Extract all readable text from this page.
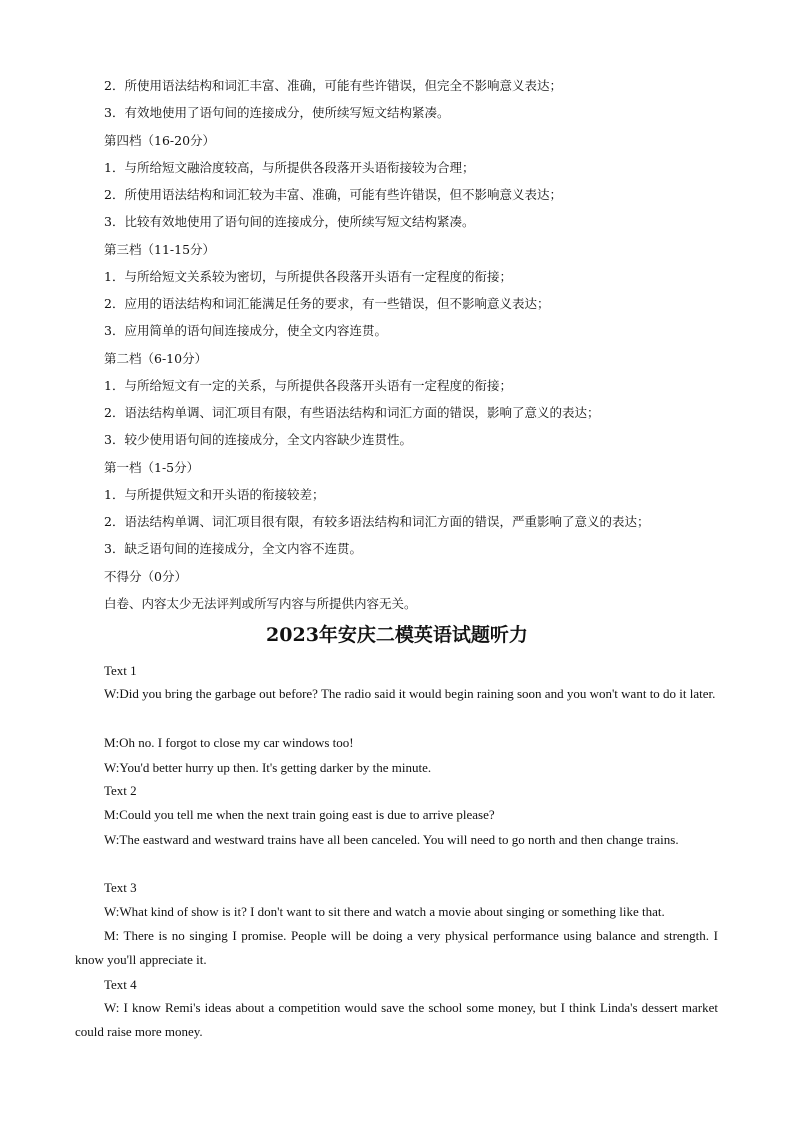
2．所使用语法结构和词汇丰富、准确，可能有些许错误，但完全不影响意义表达；
3．有效地使用了语句间的连接成分，使所续写短文结构紧凑。
第四档（16-20分）
1．与所给短文融洽度较高，与所提供各段落开头语衔接较为合理；
2．所使用语法结构和词汇较为丰富、准确，可能有些许错误，但不影响意义表达；
3．比较有效地使用了语句间的连接成分，使所续写短文结构紧凑。
第三档（11-15分）
1．与所给短文关系较为密切，与所提供各段落开头语有一定程度的衔接；
2．应用的语法结构和词汇能满足任务的要求，有一些错误，但不影响意义表达；
3．应用简单的语句间连接成分，使全文内容连贯。
第二档（6-10分）
1．与所给短文有一定的关系，与所提供各段落开头语有一定程度的衔接；
2．语法结构单调、词汇项目有限，有些语法结构和词汇方面的错误，影响了意义的表达；
3．较少使用语句间的连接成分，全文内容缺少连贯性。
第一档（1-5分）
1．与所提供短文和开头语的衔接较差；
2．语法结构单调、词汇项目很有限，有较多语法结构和词汇方面的错误，严重影响了意义的表达；
3．缺乏语句间的连接成分，全文内容不连贯。
不得分（0分）
白卷、内容太少无法评判或所写内容与所提供内容无关。
2023年安庆二模英语试题听力
Text 1
W:Did you bring the garbage out before? The radio said it would begin raining soon and you won't want to do it later.
M:Oh no. I forgot to close my car windows too!
W:You'd better hurry up then. It's getting darker by the minute.
Text 2
M:Could you tell me when the next train going east is due to arrive please?
W:The eastward and westward trains have all been canceled. You will need to go north and then change trains.
Text 3
W:What kind of show is it? I don't want to sit there and watch a movie about singing or something like that.
M: There is no singing I promise. People will be doing a very physical performance using balance and strength. I know you'll appreciate it.
Text 4
W: I know Remi's ideas about a competition would save the school some money, but I think Linda's dessert market could raise more money.
